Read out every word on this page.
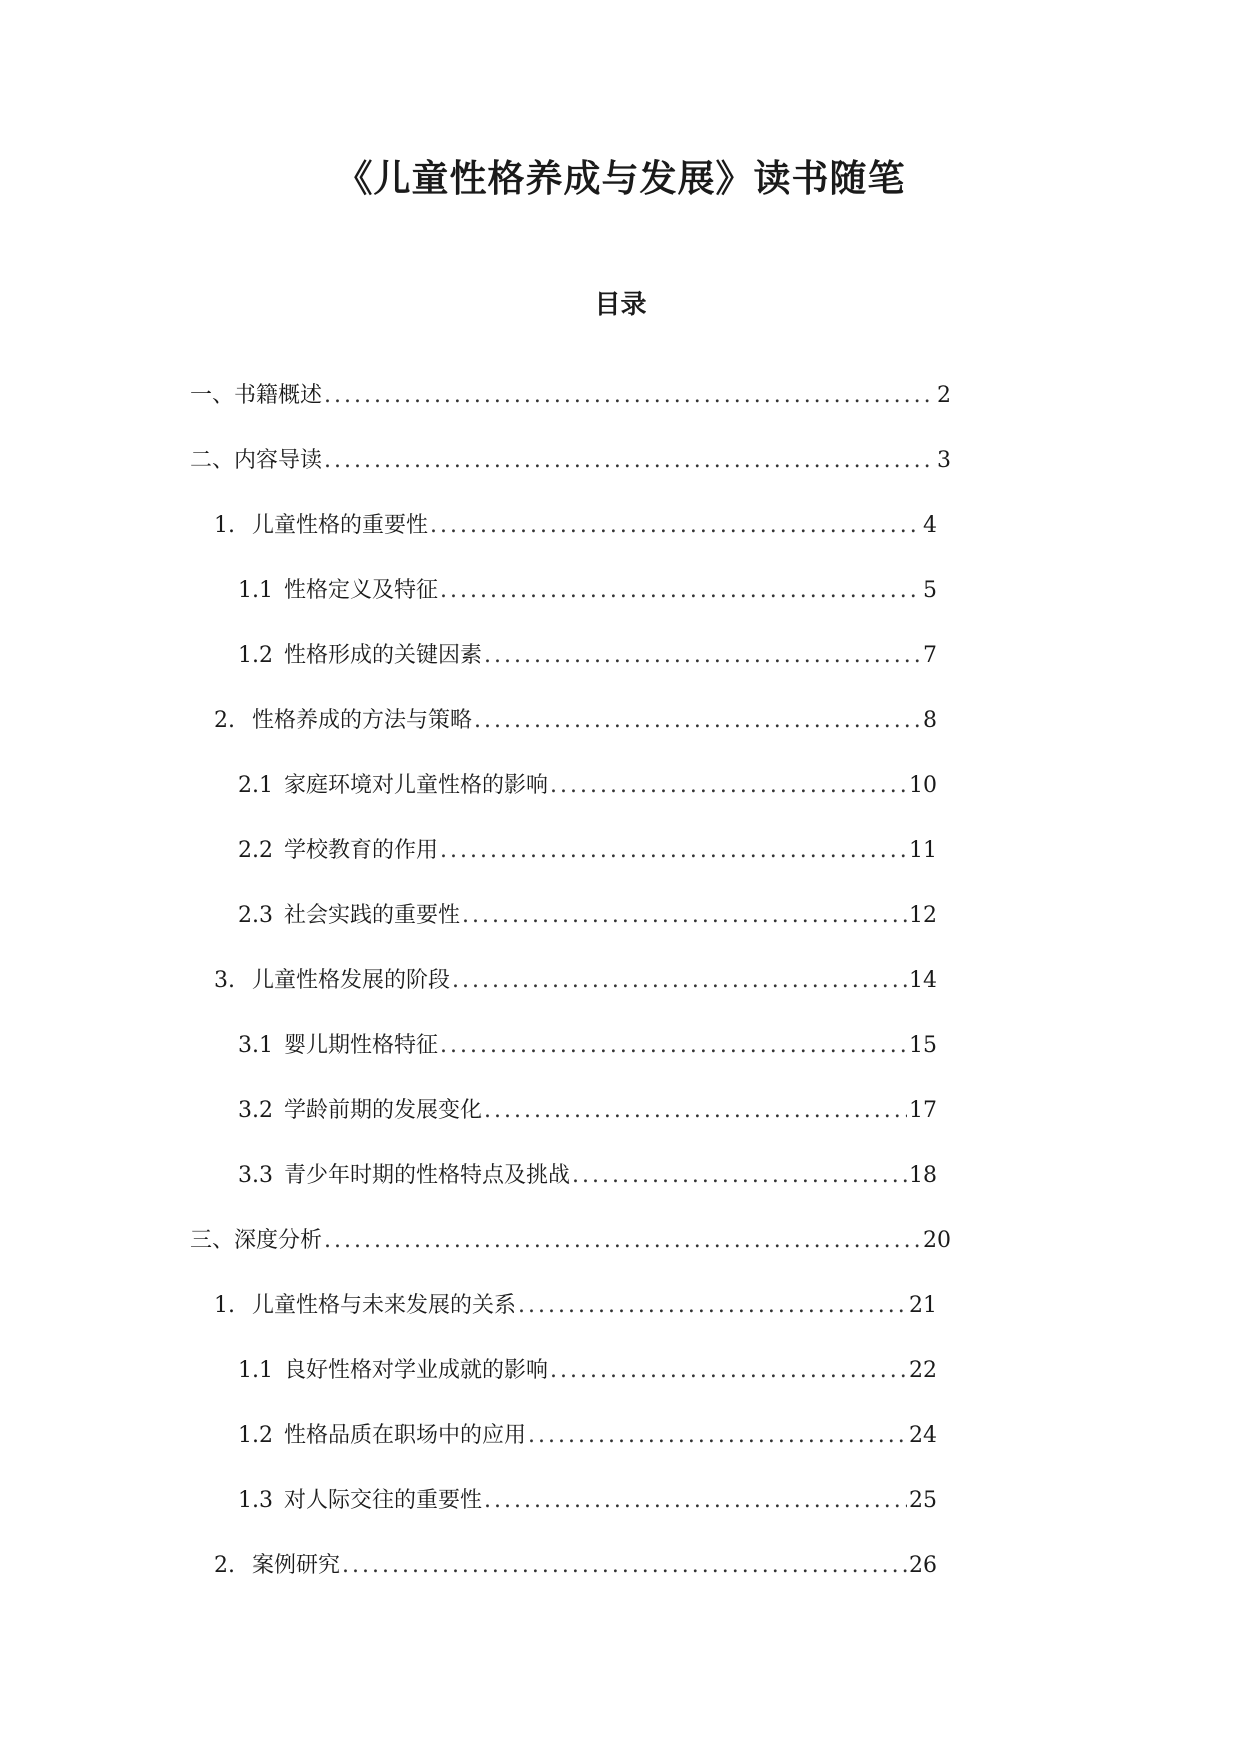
《儿童性格养成与发展》读书随笔
目录
一、书籍概述 .....	2
二、内容导读 .....	3
1. 儿童性格的重要性 .....	4
1.1 性格定义及特征 .....	5
1.2 性格形成的关键因素 .....	7
2. 性格养成的方法与策略 .....	8
2.1 家庭环境对儿童性格的影响 .....	10
2.2 学校教育的作用 .....	11
2.3 社会实践的重要性 .....	12
3. 儿童性格发展的阶段 .....	14
3.1 婴儿期性格特征 .....	15
3.2 学龄前期的发展变化 .....	17
3.3 青少年时期的性格特点及挑战 .....	18
三、深度分析 .....	20
1. 儿童性格与未来发展的关系 .....	21
1.1 良好性格对学业成就的影响 .....	22
1.2 性格品质在职场中的应用 .....	24
1.3 对人际交往的重要性 .....	25
2. 案例研究 .....	26
